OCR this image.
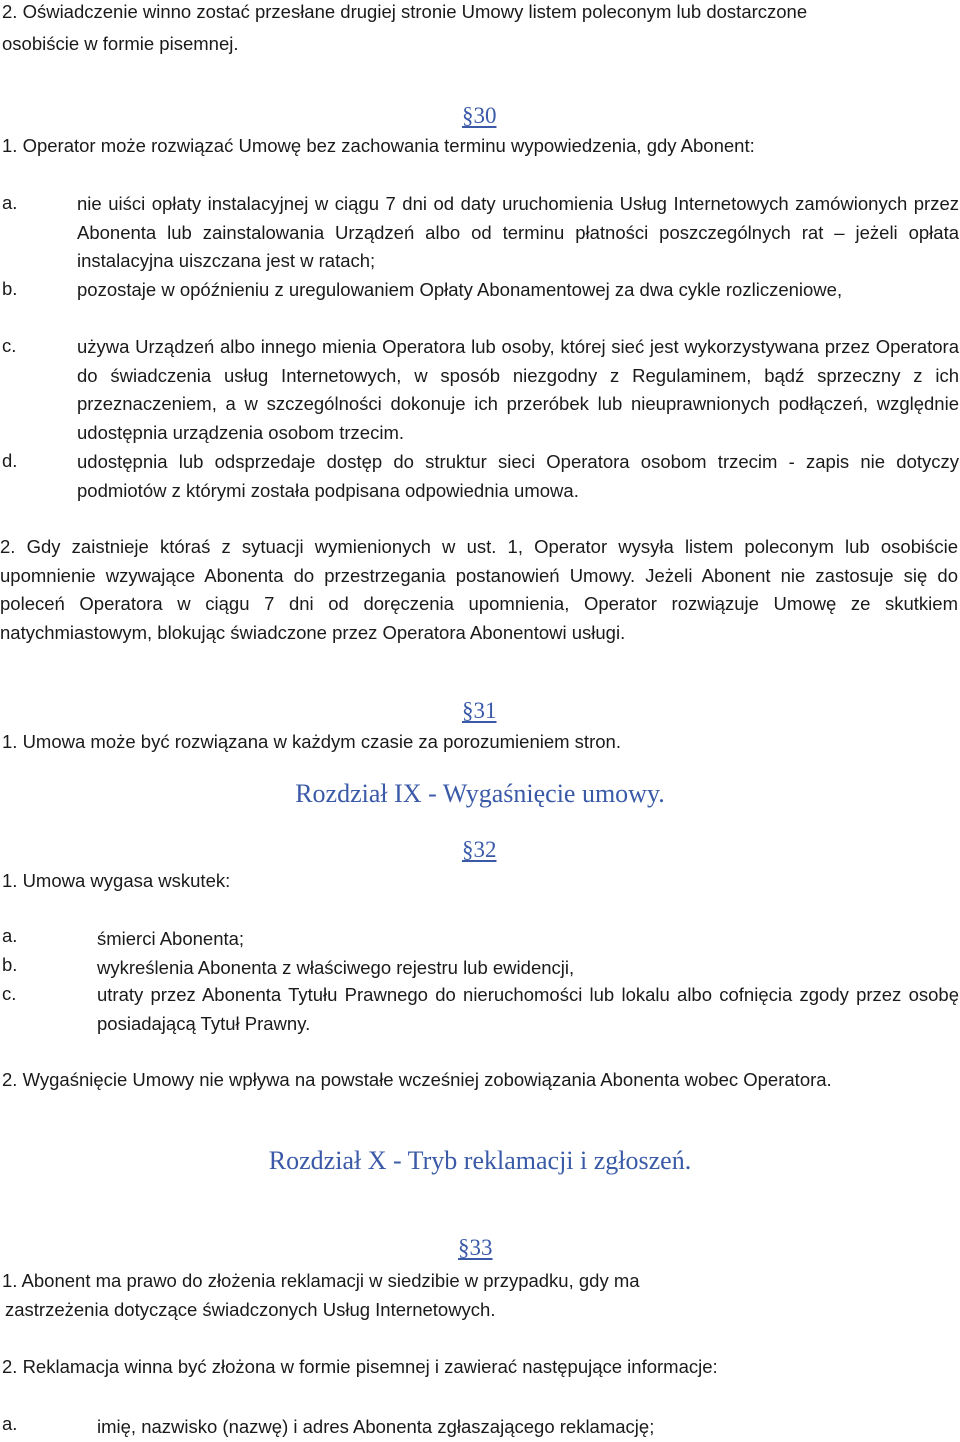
2. Oświadczenie winno zostać przesłane drugiej stronie Umowy listem poleconym lub dostarczone
osobiście w formie pisemnej.
§30
1. Operator może rozwiązać Umowę bez zachowania terminu wypowiedzenia, gdy Abonent:
a.	nie uiści opłaty instalacyjnej w ciągu 7 dni od daty uruchomienia Usług Internetowych zamówionych przez Abonenta lub zainstalowania Urządzeń albo od terminu płatności poszczególnych rat – jeżeli opłata instalacyjna uiszczana jest w ratach;
b.	pozostaje w opóźnieniu z uregulowaniem Opłaty Abonamentowej za dwa cykle rozliczeniowe,
c.	używa Urządzeń albo innego mienia Operatora lub osoby, której sieć jest wykorzystywana przez Operatora do świadczenia usług Internetowych, w sposób niezgodny z Regulaminem, bądź sprzeczny z ich przeznaczeniem, a w szczególności dokonuje ich przeróbek lub nieuprawnionych podłączeń, względnie udostępnia urządzenia osobom trzecim.
d.	udostępnia lub odsprzedaje dostęp do struktur sieci Operatora osobom trzecim - zapis nie dotyczy podmiotów z którymi została podpisana odpowiednia umowa.
2. Gdy zaistnieje któraś z sytuacji wymienionych w ust. 1, Operator wysyła listem poleconym lub osobiście upomnienie wzywające Abonenta do przestrzegania postanowień Umowy. Jeżeli Abonent nie zastosuje się do poleceń Operatora w ciągu 7 dni od doręczenia upomnienia, Operator rozwiązuje Umowę ze skutkiem natychmiastowym, blokując świadczone przez Operatora Abonentowi usługi.
§31
1. Umowa może być rozwiązana w każdym czasie za porozumieniem stron.
Rozdział IX - Wygaśnięcie umowy.
§32
1. Umowa wygasa wskutek:
a.	śmierci Abonenta;
b.	wykreślenia Abonenta z właściwego rejestru lub ewidencji,
c.	utraty przez Abonenta Tytułu Prawnego do nieruchomości lub lokalu albo cofnięcia zgody przez osobę posiadającą Tytuł Prawny.
2. Wygaśnięcie Umowy nie wpływa na powstałe wcześniej zobowiązania Abonenta wobec Operatora.
Rozdział X - Tryb reklamacji i zgłoszeń.
§33
1. Abonent ma prawo do złożenia reklamacji w siedzibie w przypadku, gdy ma
zastrzeżenia dotyczące świadczonych Usług Internetowych.
2. Reklamacja winna być złożona w formie pisemnej i zawierać następujące informacje:
a.	imię, nazwisko (nazwę) i adres Abonenta zgłaszającego reklamację;
